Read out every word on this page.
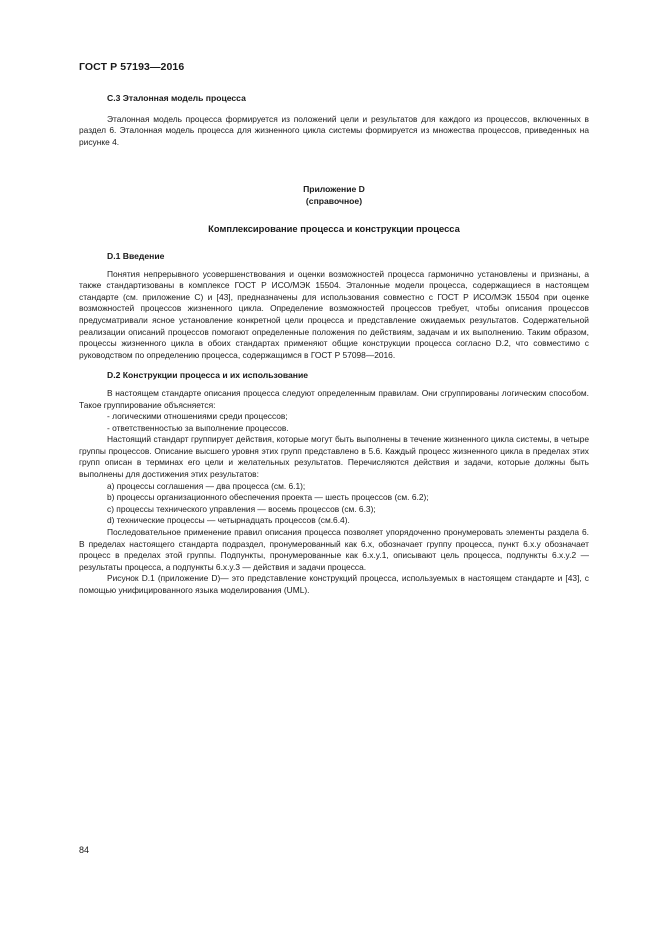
ГОСТ Р 57193—2016
С.3 Эталонная модель процесса

Эталонная модель процесса формируется из положений цели и результатов для каждого из процессов, включенных в раздел 6. Эталонная модель процесса для жизненного цикла системы формируется из множества процессов, приведенных на рисунке 4.

Приложение D
(справочное)
Комплексирование процесса и конструкции процесса
D.1 Введение

Понятия непрерывного усовершенствования и оценки возможностей процесса гармонично установлены и признаны, а также стандартизованы в комплексе ГОСТ Р ИСО/МЭК 15504. Эталонные модели процесса, содержащиеся в настоящем стандарте (см. приложение С) и [43], предназначены для использования совместно с ГОСТ Р ИСО/МЭК 15504 при оценке возможностей процессов жизненного цикла. Определение возможностей процессов требует, чтобы описания процессов предусматривали ясное установление конкретной цели процесса и представление ожидаемых результатов. Содержательной реализации описаний процессов помогают определенные положения по действиям, задачам и их выполнению. Таким образом, процессы жизненного цикла в обоих стандартах применяют общие конструкции процесса согласно D.2, что совместимо с руководством по определению процесса, содержащимся в ГОСТ Р 57098—2016.

D.2 Конструкции процесса и их использование

В настоящем стандарте описания процесса следуют определенным правилам. Они сгруппированы логическим способом. Такое группирование объясняется:

- логическими отношениями среди процессов;
- ответственностью за выполнение процессов.

Настоящий стандарт группирует действия, которые могут быть выполнены в течение жизненного цикла системы, в четыре группы процессов. Описание высшего уровня этих групп представлено в 5.6. Каждый процесс жизненного цикла в пределах этих групп описан в терминах его цели и желательных результатов. Перечисляются действия и задачи, которые должны быть выполнены для достижения этих результатов:

a) процессы соглашения — два процесса (см. 6.1);
b) процессы организационного обеспечения проекта — шесть процессов (см. 6.2);
c) процессы технического управления — восемь процессов (см. 6.3);
d) технические процессы — четырнадцать процессов (см.6.4).

Последовательное применение правил описания процесса позволяет упорядоченно пронумеровать элементы раздела 6. В пределах настоящего стандарта подраздел, пронумерованный как 6.x, обозначает группу процесса, пункт 6.x.y обозначает процесс в пределах этой группы. Подпункты, пронумерованные как 6.x.y.1, описывают цель процесса, подпункты 6.x.y.2 — результаты процесса, а подпункты 6.x.y.3 — действия и задачи процесса.

Рисунок D.1 (приложение D)— это представление конструкций процесса, используемых в настоящем стандарте и [43], с помощью унифицированного языка моделирования (UML).

84
